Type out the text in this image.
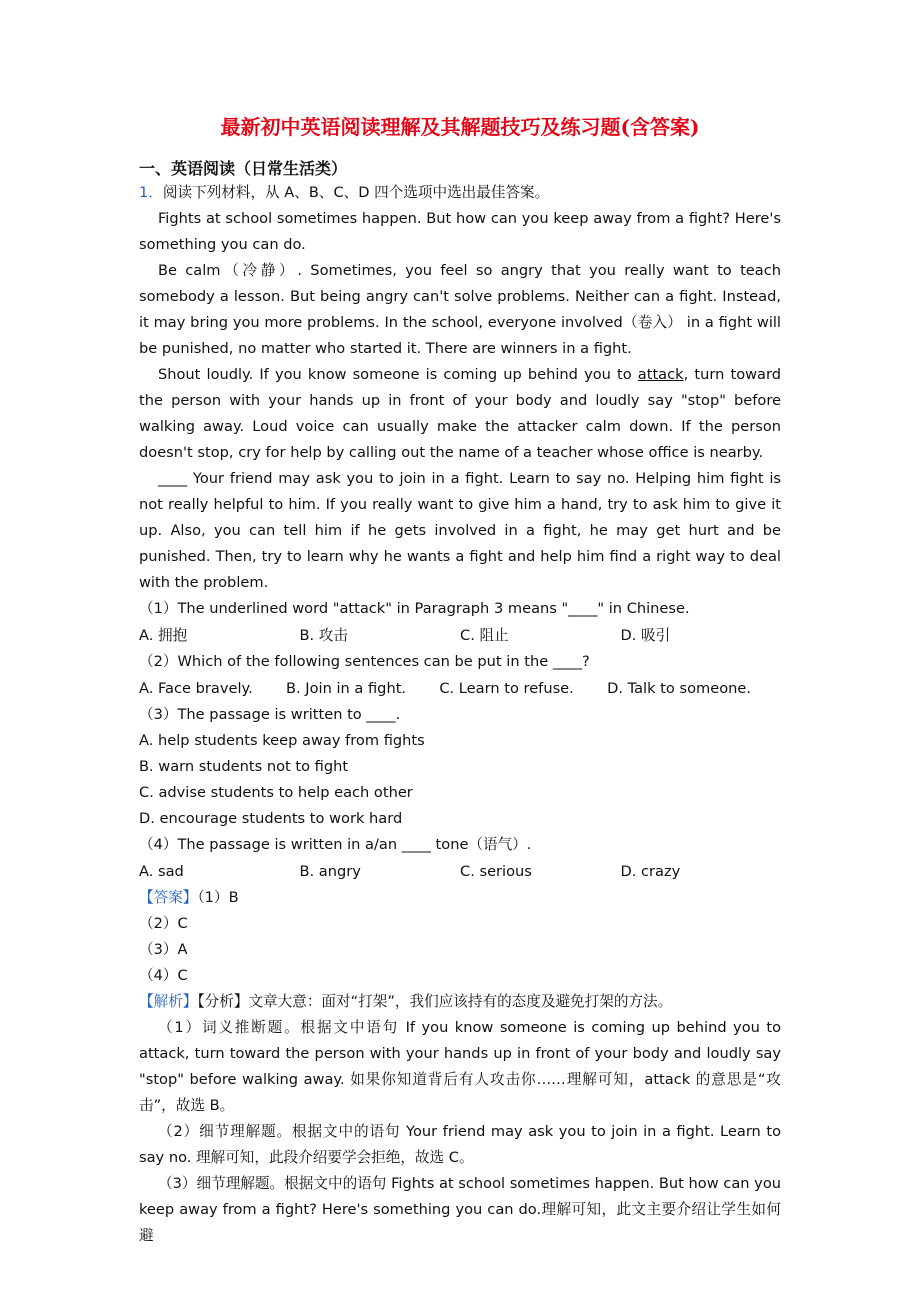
最新初中英语阅读理解及其解题技巧及练习题(含答案)
一、英语阅读（日常生活类）
1．阅读下列材料，从 A、B、C、D 四个选项中选出最佳答案。

Fights at school sometimes happen. But how can you keep away from a fight? Here's something you can do.

Be calm（冷静）. Sometimes, you feel so angry that you really want to teach somebody a lesson. But being angry can't solve problems. Neither can a fight. Instead, it may bring you more problems. In the school, everyone involved（卷入） in a fight will be punished, no matter who started it. There are winners in a fight.

Shout loudly. If you know someone is coming up behind you to attack, turn toward the person with your hands up in front of your body and loudly say "stop" before walking away. Loud voice can usually make the attacker calm down. If the person doesn't stop, cry for help by calling out the name of a teacher whose office is nearby.

____ Your friend may ask you to join in a fight. Learn to say no. Helping him fight is not really helpful to him. If you really want to give him a hand, try to ask him to give it up. Also, you can tell him if he gets involved in a fight, he may get hurt and be punished. Then, try to learn why he wants a fight and help him find a right way to deal with the problem.

（1）The underlined word "attack" in Paragraph 3 means "____" in Chinese.
A. 拥抱	B. 攻击	C. 阻止	D. 吸引
（2）Which of the following sentences can be put in the ____?
A. Face bravely. B. Join in a fight. C. Learn to refuse. D. Talk to someone.
（3）The passage is written to ____.
A. help students keep away from fights
B. warn students not to fight
C. advise students to help each other
D. encourage students to work hard
（4）The passage is written in a/an ____ tone（语气）.
A. sad	B. angry	C. serious	D. crazy
【答案】（1）B
（2）C
（3）A
（4）C
【解析】【分析】文章大意：面对“打架”，我们应该持有的态度及避免打架的方法。

（1）词义推断题。根据文中语句 If you know someone is coming up behind you to attack, turn toward the person with your hands up in front of your body and loudly say "stop" before walking away. 如果你知道背后有人攻击你……理解可知，attack 的意思是“攻击”，故选 B。

（2）细节理解题。根据文中的语句 Your friend may ask you to join in a fight. Learn to say no. 理解可知，此段介绍要学会拒绝，故选 C。

（3）细节理解题。根据文中的语句 Fights at school sometimes happen. But how can you keep away from a fight? Here's something you can do.理解可知，此文主要介绍让学生如何避
